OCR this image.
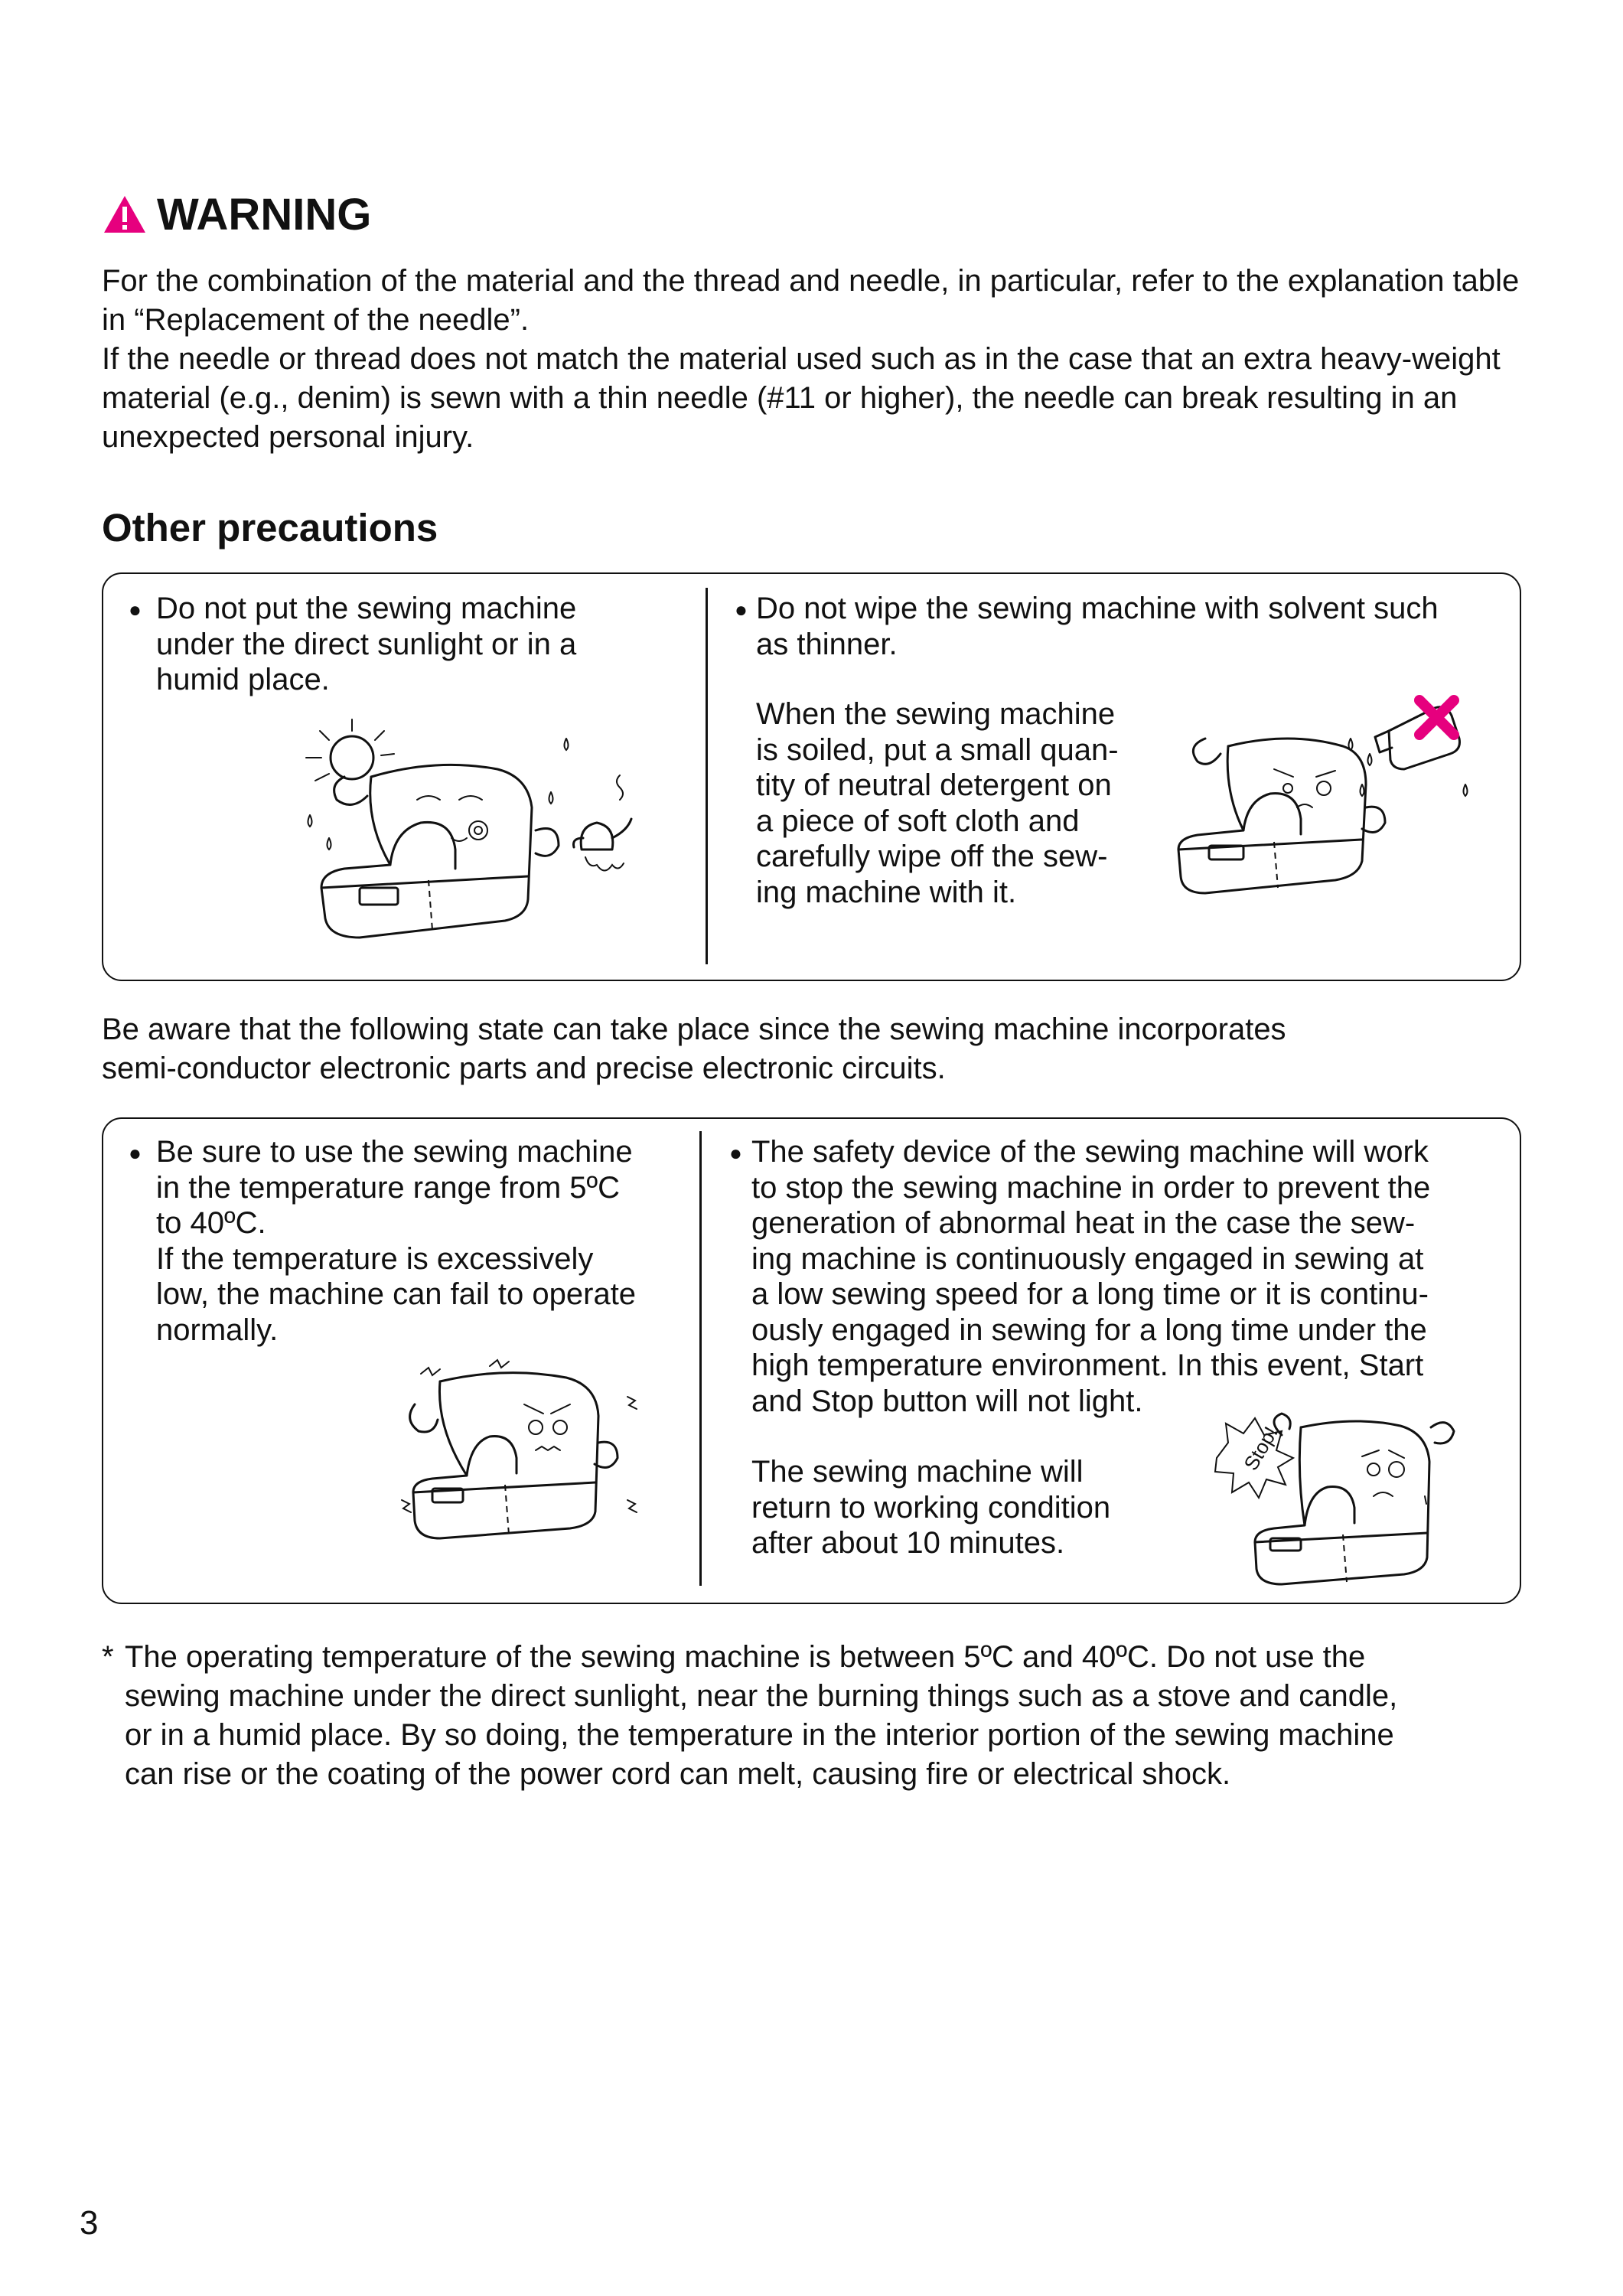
WARNING
For the combination of the material and the thread and needle, in particular, refer to the explanation table in “Replacement of the needle”.
If the needle or thread does not match the material used such as in the case that an extra heavy-weight material (e.g., denim) is sewn with a thin needle (#11 or higher), the needle can break resulting in an unexpected personal injury.
Other precautions
● Do not put the sewing machine
under the direct sunlight or in a
humid place.
● Do not wipe the sewing machine with solvent such
as thinner.
When the sewing machine
is soiled, put a small quan-
tity of neutral detergent on
a piece of soft cloth and
carefully wipe off the sew-
ing machine with it.
Be aware that the following state can take place since the sewing machine incorporates
semi-conductor electronic parts and precise electronic circuits.
● Be sure to use the sewing machine
in the temperature range from 5ºC
to 40ºC.
If the temperature is excessively
low, the machine can fail to operate
normally.
● The safety device of the sewing machine will work
to stop the sewing machine in order to prevent the
generation of abnormal heat in the case the sew-
ing machine is continuously engaged in sewing at
a low sewing speed for a long time or it is continu-
ously engaged in sewing for a long time under the
high temperature environment. In this event, Start
and Stop button will not light.
The sewing machine will
return to working condition
after about 10 minutes.
Stop!
* The operating temperature of the sewing machine is between 5ºC and 40ºC. Do not use the
sewing machine under the direct sunlight, near the burning things such as a stove and candle,
or in a humid place. By so doing, the temperature in the interior portion of the sewing machine
can rise or the coating of the power cord can melt, causing fire or electrical shock.
3
